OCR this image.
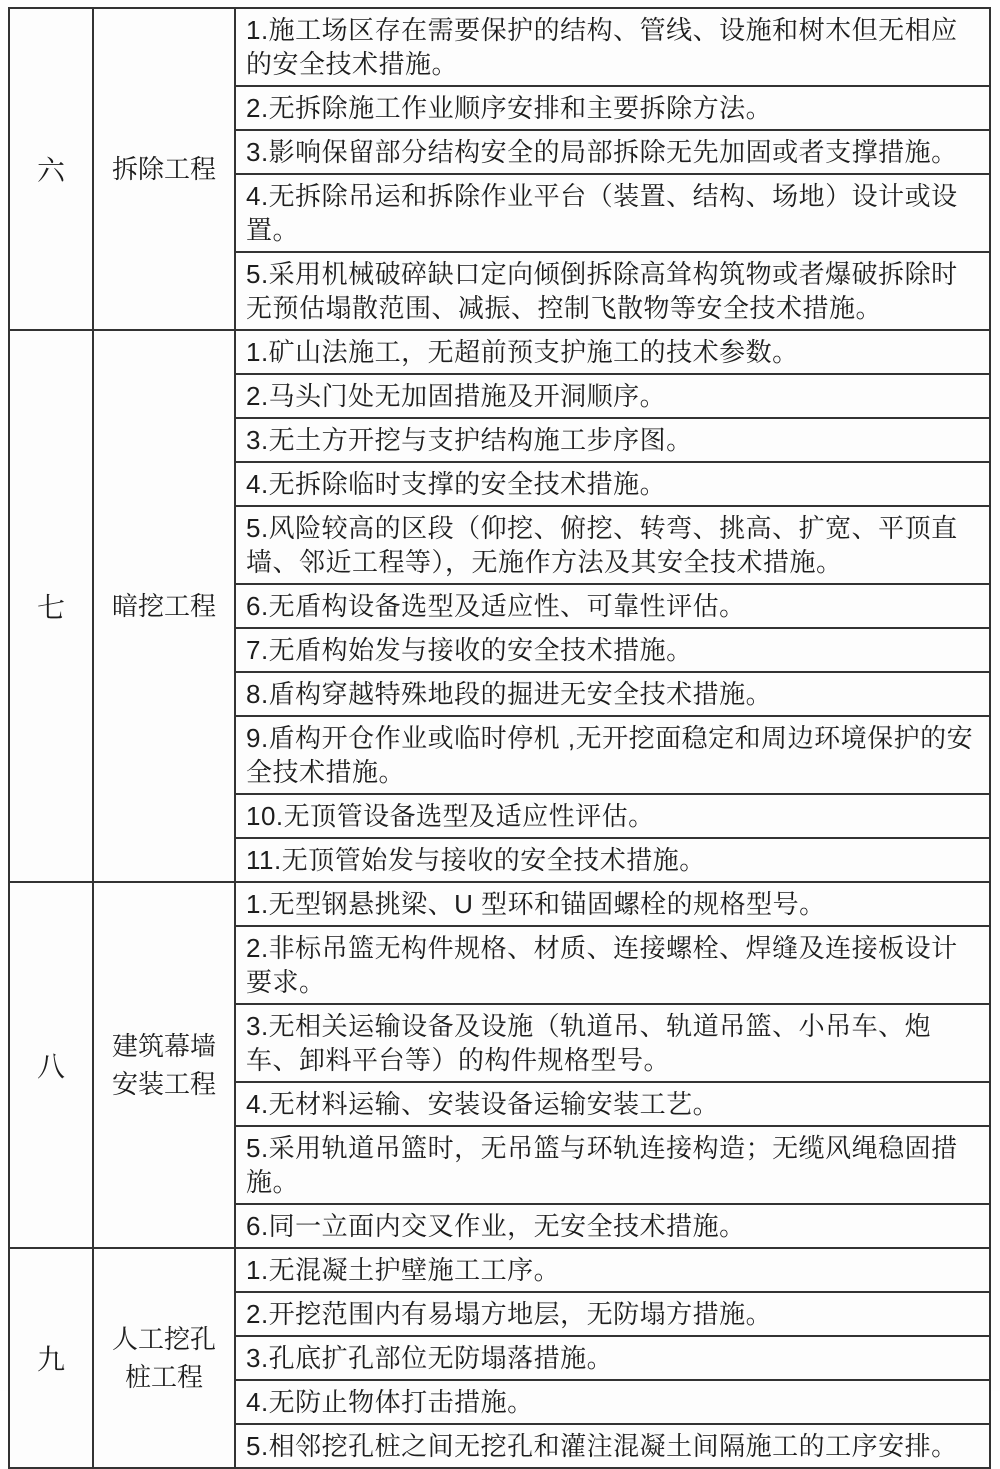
六	拆除工程
1.施工场区存在需要保护的结构、管线、设施和树木但无相应的安全技术措施。
2.无拆除施工作业顺序安排和主要拆除方法。
3.影响保留部分结构安全的局部拆除无先加固或者支撑措施。
4.无拆除吊运和拆除作业平台（装置、结构、场地）设计或设置。
5.采用机械破碎缺口定向倾倒拆除高耸构筑物或者爆破拆除时无预估塌散范围、减振、控制飞散物等安全技术措施。
七	暗挖工程
1.矿山法施工，无超前预支护施工的技术参数。
2.马头门处无加固措施及开洞顺序。
3.无土方开挖与支护结构施工步序图。
4.无拆除临时支撑的安全技术措施。
5.风险较高的区段（仰挖、俯挖、转弯、挑高、扩宽、平顶直墙、邻近工程等），无施作方法及其安全技术措施。
6.无盾构设备选型及适应性、可靠性评估。
7.无盾构始发与接收的安全技术措施。
8.盾构穿越特殊地段的掘进无安全技术措施。
9.盾构开仓作业或临时停机 ,无开挖面稳定和周边环境保护的安全技术措施。
10.无顶管设备选型及适应性评估。
11.无顶管始发与接收的安全技术措施。
八
建筑幕墙 安装工程
1.无型钢悬挑梁、U 型环和锚固螺栓的规格型号。
2.非标吊篮无构件规格、材质、连接螺栓、焊缝及连接板设计要求。
3.无相关运输设备及设施（轨道吊、轨道吊篮、小吊车、炮车、卸料平台等）的构件规格型号。
4.无材料运输、安装设备运输安装工艺。
5.采用轨道吊篮时，无吊篮与环轨连接构造；无缆风绳稳固措施。
6.同一立面内交叉作业，无安全技术措施。
九
人工挖孔 桩工程
1.无混凝土护壁施工工序。
2.开挖范围内有易塌方地层，无防塌方措施。
3.孔底扩孔部位无防塌落措施。
4.无防止物体打击措施。
5.相邻挖孔桩之间无挖孔和灌注混凝土间隔施工的工序安排。
